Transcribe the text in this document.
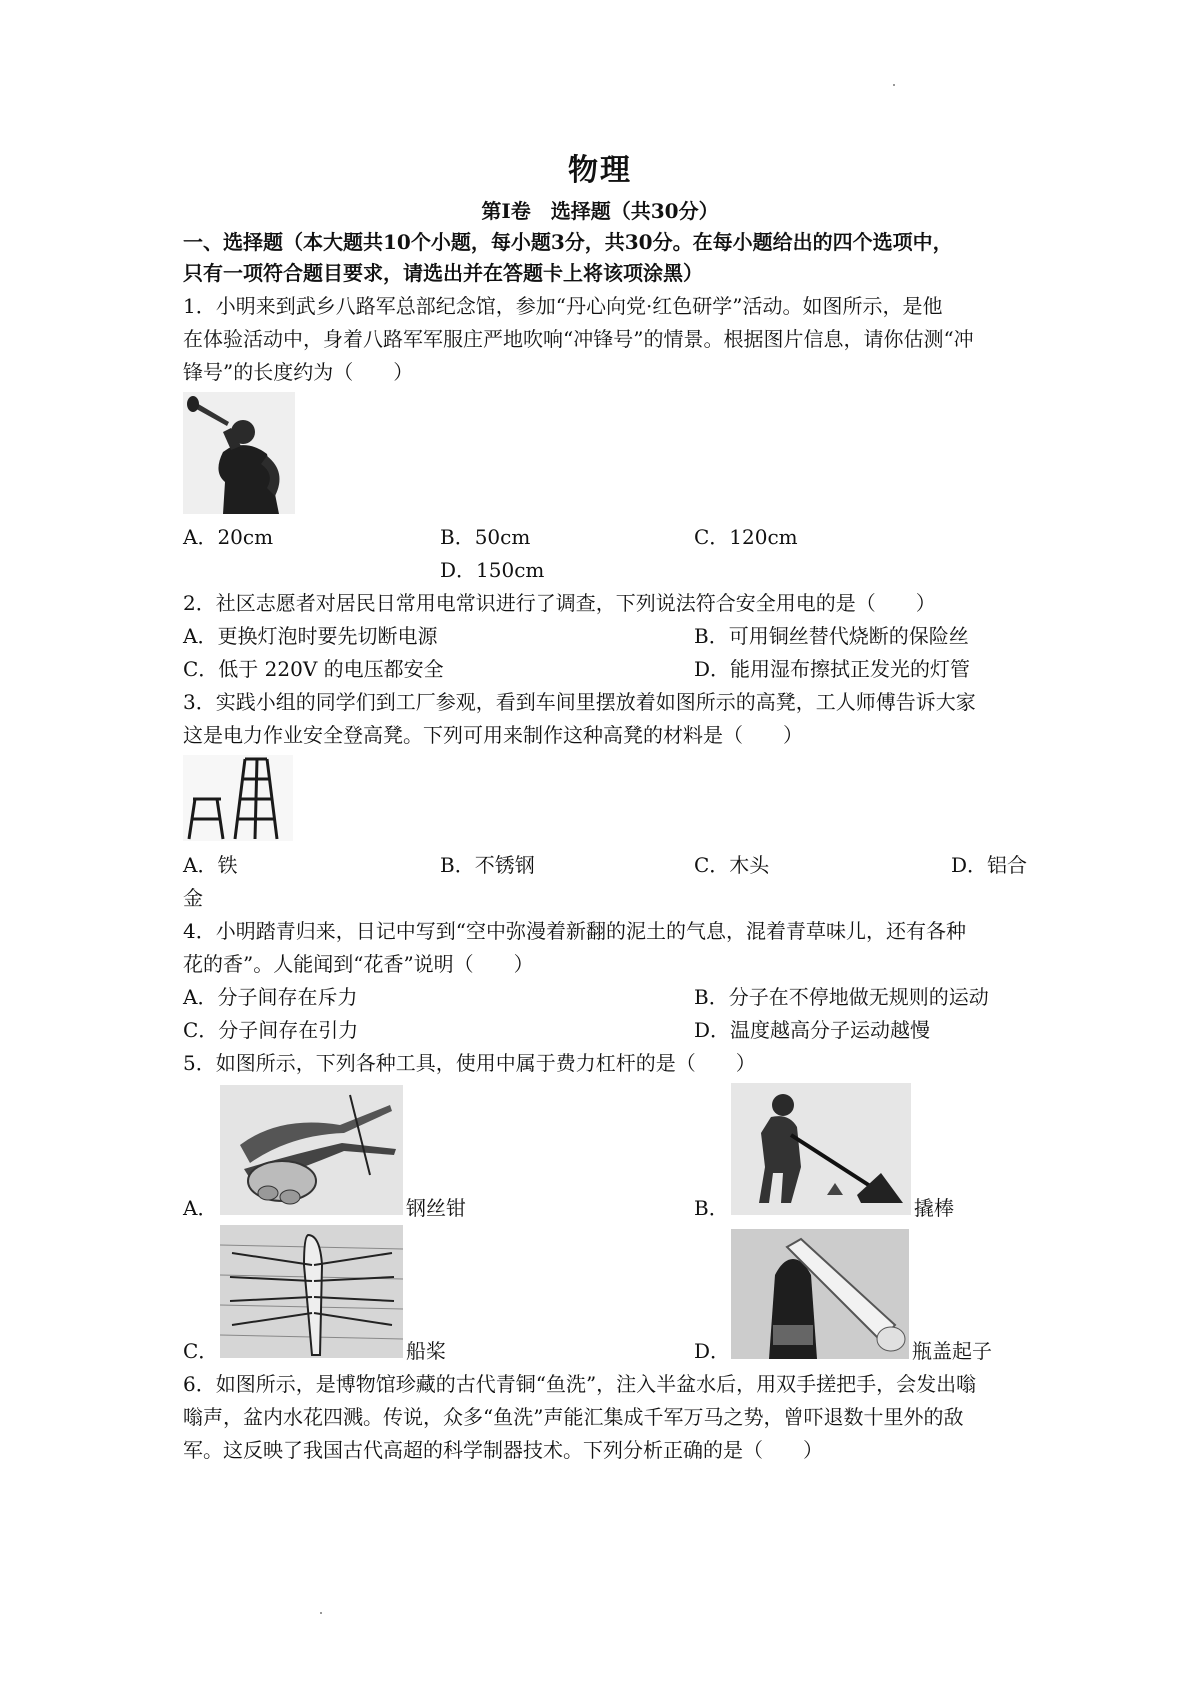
物理
第Ⅰ卷　选择题（共30分）
一、选择题（本大题共10个小题，每小题3分，共30分。在每小题给出的四个选项中，
只有一项符合题目要求，请选出并在答题卡上将该项涂黑）
1．小明来到武乡八路军总部纪念馆，参加“丹心向党·红色研学”活动。如图所示，是他
在体验活动中，身着八路军军服庄严地吹响“冲锋号”的情景。根据图片信息，请你估测“冲
锋号”的长度约为（　　）
A．20cm	B．50cm	C．120cm
D．150cm
2．社区志愿者对居民日常用电常识进行了调查，下列说法符合安全用电的是（　　）
A．更换灯泡时要先切断电源	B．可用铜丝替代烧断的保险丝
C．低于 220V 的电压都安全	D．能用湿布擦拭正发光的灯管
3．实践小组的同学们到工厂参观，看到车间里摆放着如图所示的高凳，工人师傅告诉大家
这是电力作业安全登高凳。下列可用来制作这种高凳的材料是（　　）
A．铁	B．不锈钢	C．木头	D．铝合
金
4．小明踏青归来，日记中写到“空中弥漫着新翻的泥土的气息，混着青草味儿，还有各种
花的香”。人能闻到“花香”说明（　　）
A．分子间存在斥力	B．分子在不停地做无规则的运动
C．分子间存在引力	D．温度越高分子运动越慢
5．如图所示，下列各种工具，使用中属于费力杠杆的是（　　）
A．	钢丝钳	B．	撬棒
C．	船桨	D．	瓶盖起子
6．如图所示，是博物馆珍藏的古代青铜“鱼洗”，注入半盆水后，用双手搓把手，会发出嗡
嗡声，盆内水花四溅。传说，众多“鱼洗”声能汇集成千军万马之势，曾吓退数十里外的敌
军。这反映了我国古代高超的科学制器技术。下列分析正确的是（　　）
